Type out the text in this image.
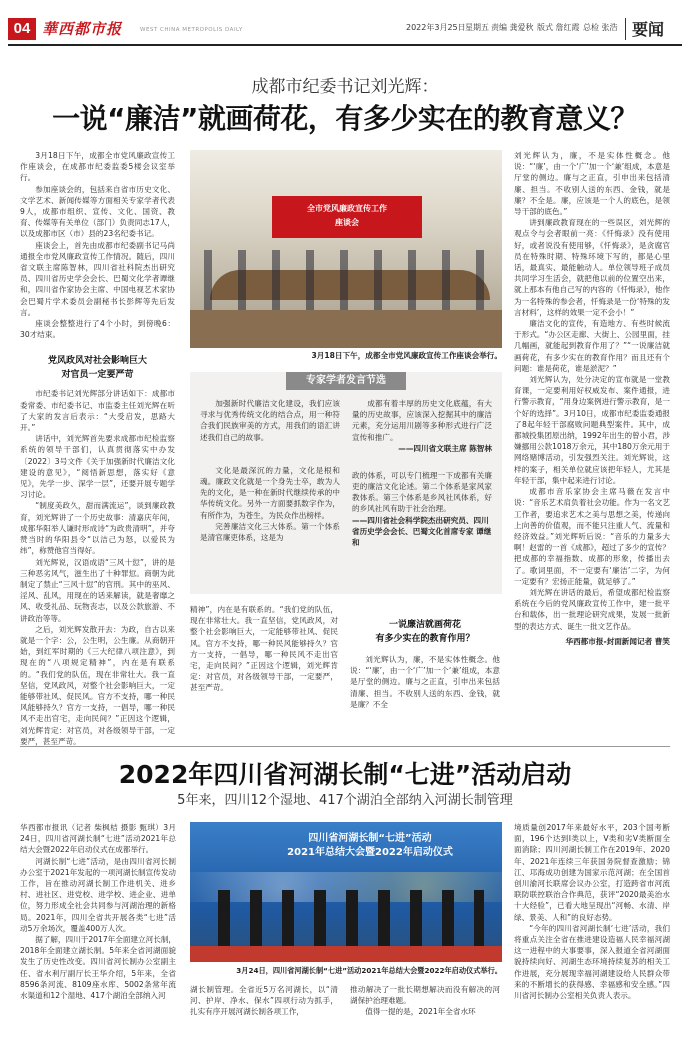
04 華西都市报	WEST CHINA METROPOLIS DAILY	2022年3月25日 星期五 责编 龚爱秋 版式 詹红霞 总检 张浩 要闻
成都市纪委书记刘光辉：
一说“廉洁”就画荷花，有多少实在的教育意义？

3月18日下午，成都全市党风廉政宣传工作座谈会，在成都市纪委监委5楼会议室举行。

参加座谈会的，包括来自省市历史文化、文学艺术、新闻传媒等方面相关专家学者代表9人，成都市组织、宣传、文化、国资、教育、传媒等有关单位（部门）负责同志17人，以及成都市区（市）县的23名纪委书记。

座谈会上，首先由成都市纪委副书记马尚通报全市党风廉政宣传工作情况。随后，四川省文联主席陈智林，四川省社科院杰出研究员、四川省历史学会会长、巴蜀文化学者谭继和，四川省作家协会主席、中国电视艺术家协会巴蜀片学术委员会副秘书长彭辉等先后发言。

座谈会整整进行了4个小时，到傍晚6：30才结束。

党风政风对社会影响巨大
对官员一定要严苛

市纪委书记刘光辉部分讲话如下：成都市委常委、市纪委书记、市监委主任刘光辉在听了大家的发言后表示：“大受启发，思路大开。”

讲话中，刘光辉首先要求成都市纪检监察系统的领导干部们，认真贯彻落实中办发〔2022〕3号文件《关于加强新时代廉洁文化建设的意见》，“阅悟新思想，落实好《意见》，先学一步、深学一层”，还要开展专题学习讨论。

“制度美政久，甜而满流运”，谈到廉政教育，刘光辉讲了一个历史故事：清嘉庆年间，成都华阳举人谦时形成诗“为政贵清明”，并夸赞当时的华阳县令“以洁己为怒，以爱民为纬”，称赞他官当得好。

刘光辉说，汉语成语“三风十愆”，讲的是三种恶劣风气，滋生出了十种罪愆。商朝为此制定了禁止“三风十愆”的官刑。其中的巫风、淫风、乱风，用现在的话来解读，就是奢靡之风、收受礼品、玩物丧志，以及公款旅游、不讲政治等等。

之后，刘光辉发散开去：为政，自古以来就是一个字：公，公生明，公生廉。从商朝开始，到红军时期的《三大纪律八项注意》，到现在的“八项规定精神”，内在是有联系的。“我们党的队伍，现在非常壮大。我一直坚信，党风政风，对整个社会影响巨大，一定能够带社风、促民风。官方不支持，哪一种民风能够持久？官方一支持，一倡导，哪一种民风不走出官宅，走向民间？”正因这个逻辑，刘光辉肯定：对官员，对各级领导干部，一定要严，甚至严苛。

全市党风廉政宣传工作
座谈会
3月18日下午，成都全市党风廉政宣传工作座谈会举行。

刘光辉认为，廉，不是实体性概念。他说：“‘廉’，由一个‘广’加一个‘兼’组成，本意是厅堂的侧边。廉与之正直，引申出来包括清廉、担当。不收别人送的东西、金钱，就是廉？不全是。廉，应该是一个人的底色，是领导干部的底色。”

讲到廉政教育现在的一些误区，刘光辉的观点令与会者眼前一亮：《忏悔录》没有使用好，或者说没有使用够，《忏悔录》，是贪腐官员在特殊时期、特殊环境下写的，都是心里话，最真实、最能触动人。单位领导班子成员共同学习生活会，就把他以前的位置空出来，就上那本有他自己写的内容的《忏悔录》，他作为一名特殊的参会者，忏悔录是一份‘特殊的发言材料’，这样的效果一定不会小！”

廉洁文化的宣传，有造地方、有些时候流于形式。“办公区走廊、大街上、公园里面，挂几幅画，就能起到教育作用了？”“一说廉洁就画荷花，有多少实在的教育作用？而且还有个问题：谁是荷花，谁是淤泥？”

刘光辉认为，处分决定的宣布就是一堂教育课，一定要利用好权威发布、案件通报，进行警示教育，“用身边案例进行警示教育，是一个好的选择”。3月10日，成都市纪委监委通报了8起年轻干部腐败问题典型案件。其中，成都城投集团原出纳，1992年出生的曾小君，涉嫌挪用公款1018万余元，其中180万余元用于网络赌博活动，引发强烈关注。刘光辉说，这样的案子，相关单位就应该把年轻人，尤其是年轻干部，集中起来进行讨论。

成都市音乐家协会主席马薇在发言中说：“音乐艺术肩负着社会功能。作为一名文艺工作者，要追求艺术之美与思想之美，传递向上向善的价值观，而不能只注重人气、流量和经济效益。”刘光辉听后说：“音乐的力量多大啊！赵雷的一首《成都》，超过了多少的宣传？把成都的幸福指数、成都的形象，传播出去了。歌词里面，不一定要有‘廉洁’二字，为何一定要有？宏扬正能量，就足够了。”

刘光辉在讲话的最后，希望成都纪检监察系统在今后的党风廉政宣传工作中，建一批平台和载体，出一批理论研究成果，发展一批新型的表达方式、诞生一批文艺作品。

华西都市报-封面新闻记者 曹笑

专家学者发言节选

加强新时代廉洁文化建设，我们应该寻求与优秀传统文化的结合点，用一种符合我们民族审美的方式，用我们的语汇讲述我们自己的故事。

文化是最深沉的力量，文化是根和魂。廉政文化就是一个身先士卒，敢为人先的文化，是一种在新时代继续传承的中华传统文化。另外一方面要抓数字作为，有所作为，为苍生，为民众作出榜样。

完善廉洁文化三大体系。第一个体系是清官廉吏体系，这是为

成都有着丰厚的历史文化底蕴，有大量的历史故事，应该深入挖掘其中的廉洁元素，充分运用川剧等多种形式进行广泛宣传和推广。

——四川省文联主席 陈智林

政的体系，可以专门梳理一下成都有关廉吏的廉洁文化论述。第二个体系是家风家教体系。第三个体系是乡风社风体系，好的乡风社风有助于社会治理。

——四川省社会科学院杰出研究员、四川省历史学会会长、巴蜀文化首席专家 谭继和

精神”，内在是有联系的。“我们党的队伍，现在非常壮大。我一直坚信，党风政风，对整个社会影响巨大，一定能够带社风、促民风。官方不支持，哪一种民风能够持久？官方一支持，一倡导，哪一种民风不走出官宅，走向民间？”正因这个逻辑，刘光辉肯定：对官员，对各级领导干部，一定要严，甚至严苛。

一说廉洁就画荷花
有多少实在的教育作用？

刘光辉认为，廉，不是实体性概念。他说：“‘廉’，由一个‘广’加一个‘兼’组成，本意是厅堂的侧边。廉与之正直，引申出来包括清廉、担当。不收别人送的东西、金钱，就是廉？不全

2022年四川省河湖长制“七进”活动启动
5年来，四川12个湿地、417个湖泊全部纳入河湖长制管理

华西都市报讯（记者 柴枫桔 摄影 甄琪）3月24日，四川省河湖长制“七进”活动2021年总结大会暨2022年启动仪式在成都举行。

河湖长制“七进”活动，是由四川省河长制办公室于2021年发起的一项河湖长制宣传发动工作，旨在推动河湖长制工作进机关、进乡村、进社区、进党校、进学校、进企业、进单位，努力形成全社会共同参与河湖治理的新格局。2021年，四川全省共开展各类“七进”活动5万余场次，覆盖400万人次。

据了解，四川于2017年全面建立河长制，2018年全面建立湖长制。5年来全省河湖面貌发生了历史性改变。四川省河长制办公室副主任、省水利厅副厅长王华介绍，5年来，全省8596条河流、8109座水库、5002条常年流水渠道和12个湿地、417个湖泊全部纳入河

四川省河湖长制“七进”活动
2021年总结大会暨2022年启动仪式
3月24日，四川省河湖长制“七进”活动2021年总结大会暨2022年启动仪式举行。

湖长制管理。全省近5万名河湖长，以“清河、护岸、净水、保水”四项行动为抓手，扎实有序开展河湖长制各项工作，

推动解决了一批长期想解决而没有解决的河湖保护治理难题。

值得一提的是，2021年全省水环

境质量创2017年来最好水平，203个国考断面，196个达到Ⅰ类以上，Ⅴ类和劣Ⅴ类断面全面消除；四川河湖长制工作在2019年、2020年、2021年连续三年获国务院督查激励；锦江、邛海成功创建为国家示范河湖；在全国首创川渝河长联席会议办公室，打造跨省市河流联防联控联治合作典范，获评“2020最美治水十大经验”，已看大地呈现出“河畅、水清、岸绿、景美、人和”的良好态势。

“今年的四川省河湖长制‘七进’活动，我们将重点关注全省在推进建设造福人民幸福河湖这一进程中的大事要事，深入报道全省河湖面貌持续向好、河湖生态环境持续复苏的相关工作进展，充分展现幸福河湖建设给人民群众带来的不断增长的获得感、幸福感和安全感。”四川省河长制办公室相关负责人表示。
